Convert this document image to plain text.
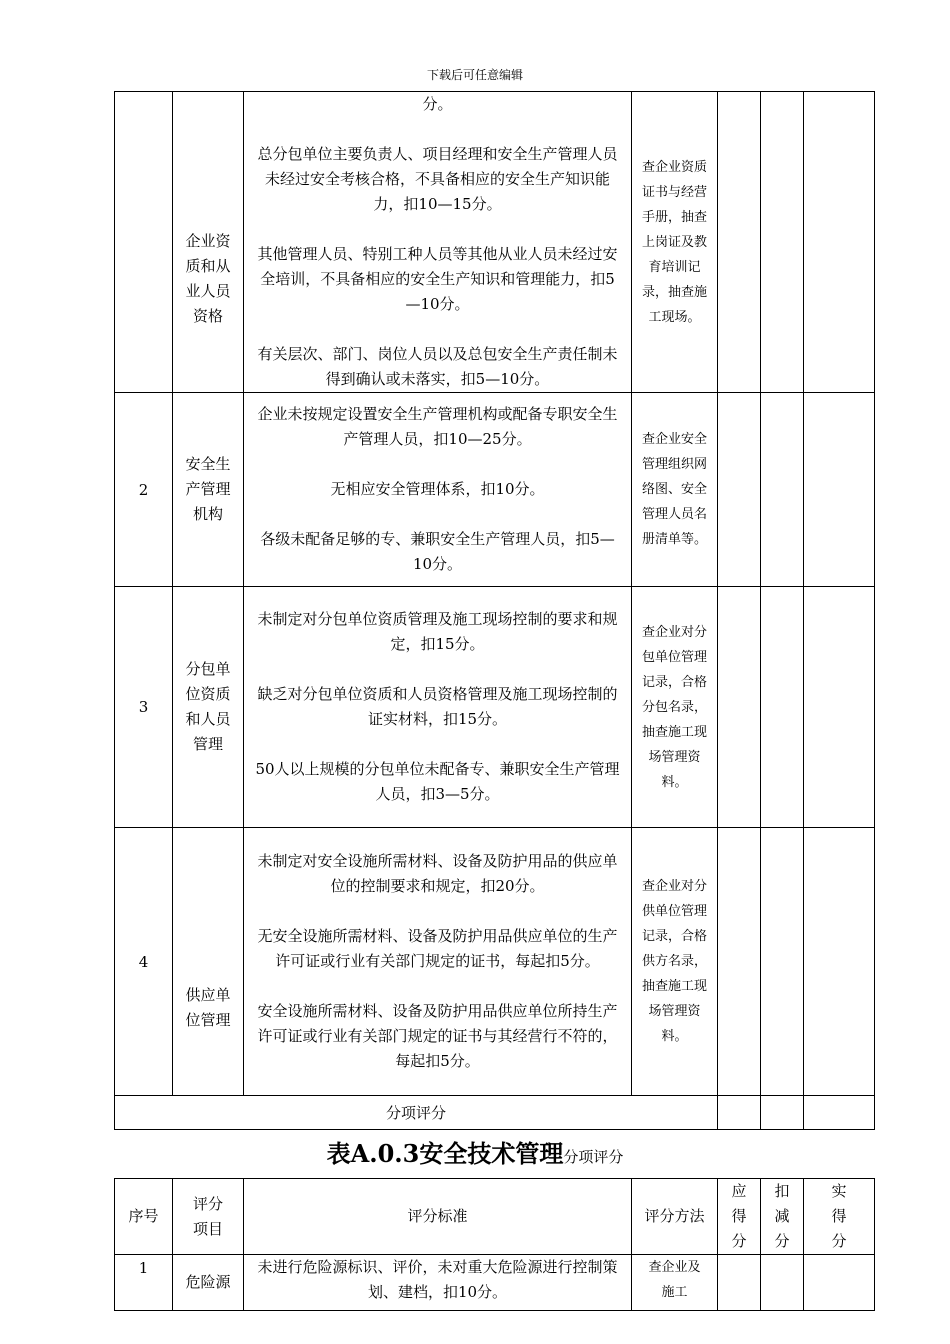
下载后可任意编辑
	企业资质和从业人员资格	分。

总分包单位主要负责人、项目经理和安全生产管理人员未经过安全考核合格，不具备相应的安全生产知识能力，扣10—15分。

其他管理人员、特别工种人员等其他从业人员未经过安全培训，不具备相应的安全生产知识和管理能力，扣5—10分。

有关层次、部门、岗位人员以及总包安全生产责任制未得到确认或未落实，扣5—10分。	查企业资质证书与经营手册，抽查上岗证及教育培训记录，抽查施工现场。			
2	安全生产管理机构	企业未按规定设置安全生产管理机构或配备专职安全生产管理人员，扣10—25分。

无相应安全管理体系，扣10分。

各级未配备足够的专、兼职安全生产管理人员，扣5—10分。	查企业安全管理组织网络图、安全管理人员名册清单等。			
3	分包单位资质和人员管理	未制定对分包单位资质管理及施工现场控制的要求和规定，扣15分。

缺乏对分包单位资质和人员资格管理及施工现场控制的证实材料，扣15分。

50人以上规模的分包单位未配备专、兼职安全生产管理人员，扣3—5分。	查企业对分包单位管理记录，合格分包名录，抽查施工现场管理资料。			
4	供应单位管理	未制定对安全设施所需材料、设备及防护用品的供应单位的控制要求和规定，扣20分。

无安全设施所需材料、设备及防护用品供应单位的生产许可证或行业有关部门规定的证书，每起扣5分。

安全设施所需材料、设备及防护用品供应单位所持生产许可证或行业有关部门规定的证书与其经营行不符的，每起扣5分。	查企业对分供单位管理记录，合格供方名录，抽查施工现场管理资料。			
分项评分						
表A.0.3安全技术管理分项评分
序号	评分项目	评分标准	评分方法	应得分	扣减分	实得分
1	危险源	未进行危险源标识、评价，未对重大危险源进行控制策划、建档，扣10分。	查企业及施工			
